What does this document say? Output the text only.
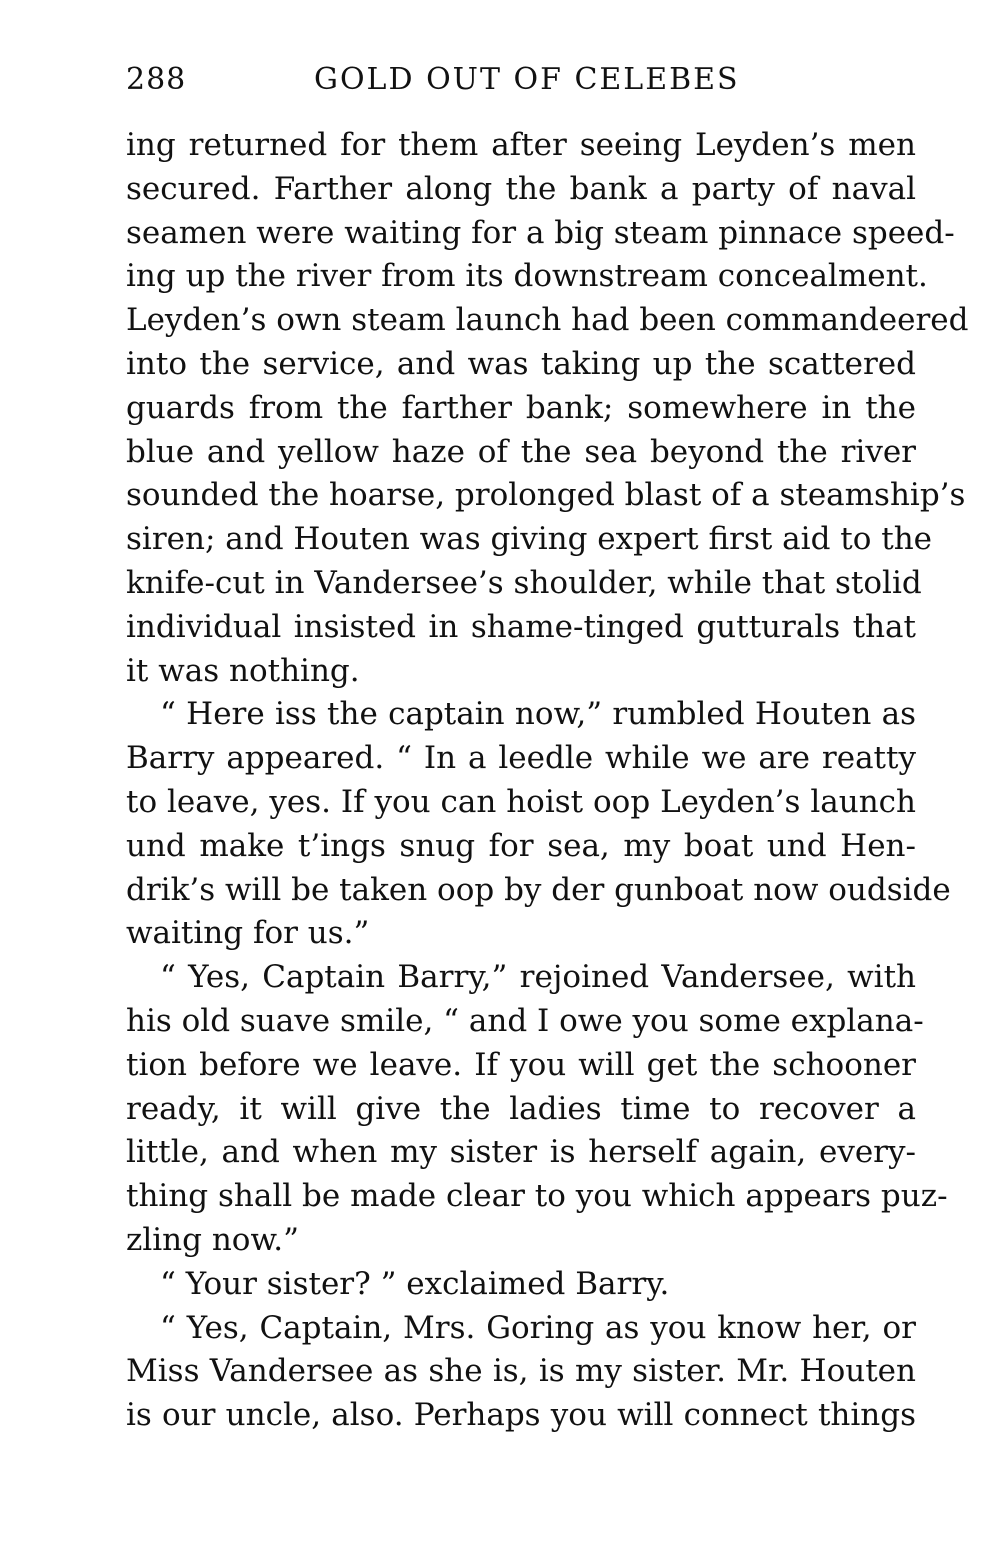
288	GOLD OUT OF CELEBES
ing returned for them after seeing Leyden’s men
secured. Farther along the bank a party of naval
seamen were waiting for a big steam pinnace speed-
ing up the river from its downstream concealment.
Leyden’s own steam launch had been commandeered
into the service, and was taking up the scattered
guards from the farther bank; somewhere in the
blue and yellow haze of the sea beyond the river
sounded the hoarse, prolonged blast of a steamship’s
siren; and Houten was giving expert first aid to the
knife-cut in Vandersee’s shoulder, while that stolid
individual insisted in shame-tinged gutturals that
it was nothing.
“ Here iss the captain now,” rumbled Houten as
Barry appeared. “ In a leedle while we are reatty
to leave, yes. If you can hoist oop Leyden’s launch
und make t’ings snug for sea, my boat und Hen-
drik’s will be taken oop by der gunboat now oudside
waiting for us.”
“ Yes, Captain Barry,” rejoined Vandersee, with
his old suave smile, “ and I owe you some explana-
tion before we leave. If you will get the schooner
ready, it will give the ladies time to recover a
little, and when my sister is herself again, every-
thing shall be made clear to you which appears puz-
zling now.”
“ Your sister? ” exclaimed Barry.
“ Yes, Captain, Mrs. Goring as you know her, or
Miss Vandersee as she is, is my sister. Mr. Houten
is our uncle, also. Perhaps you will connect things
